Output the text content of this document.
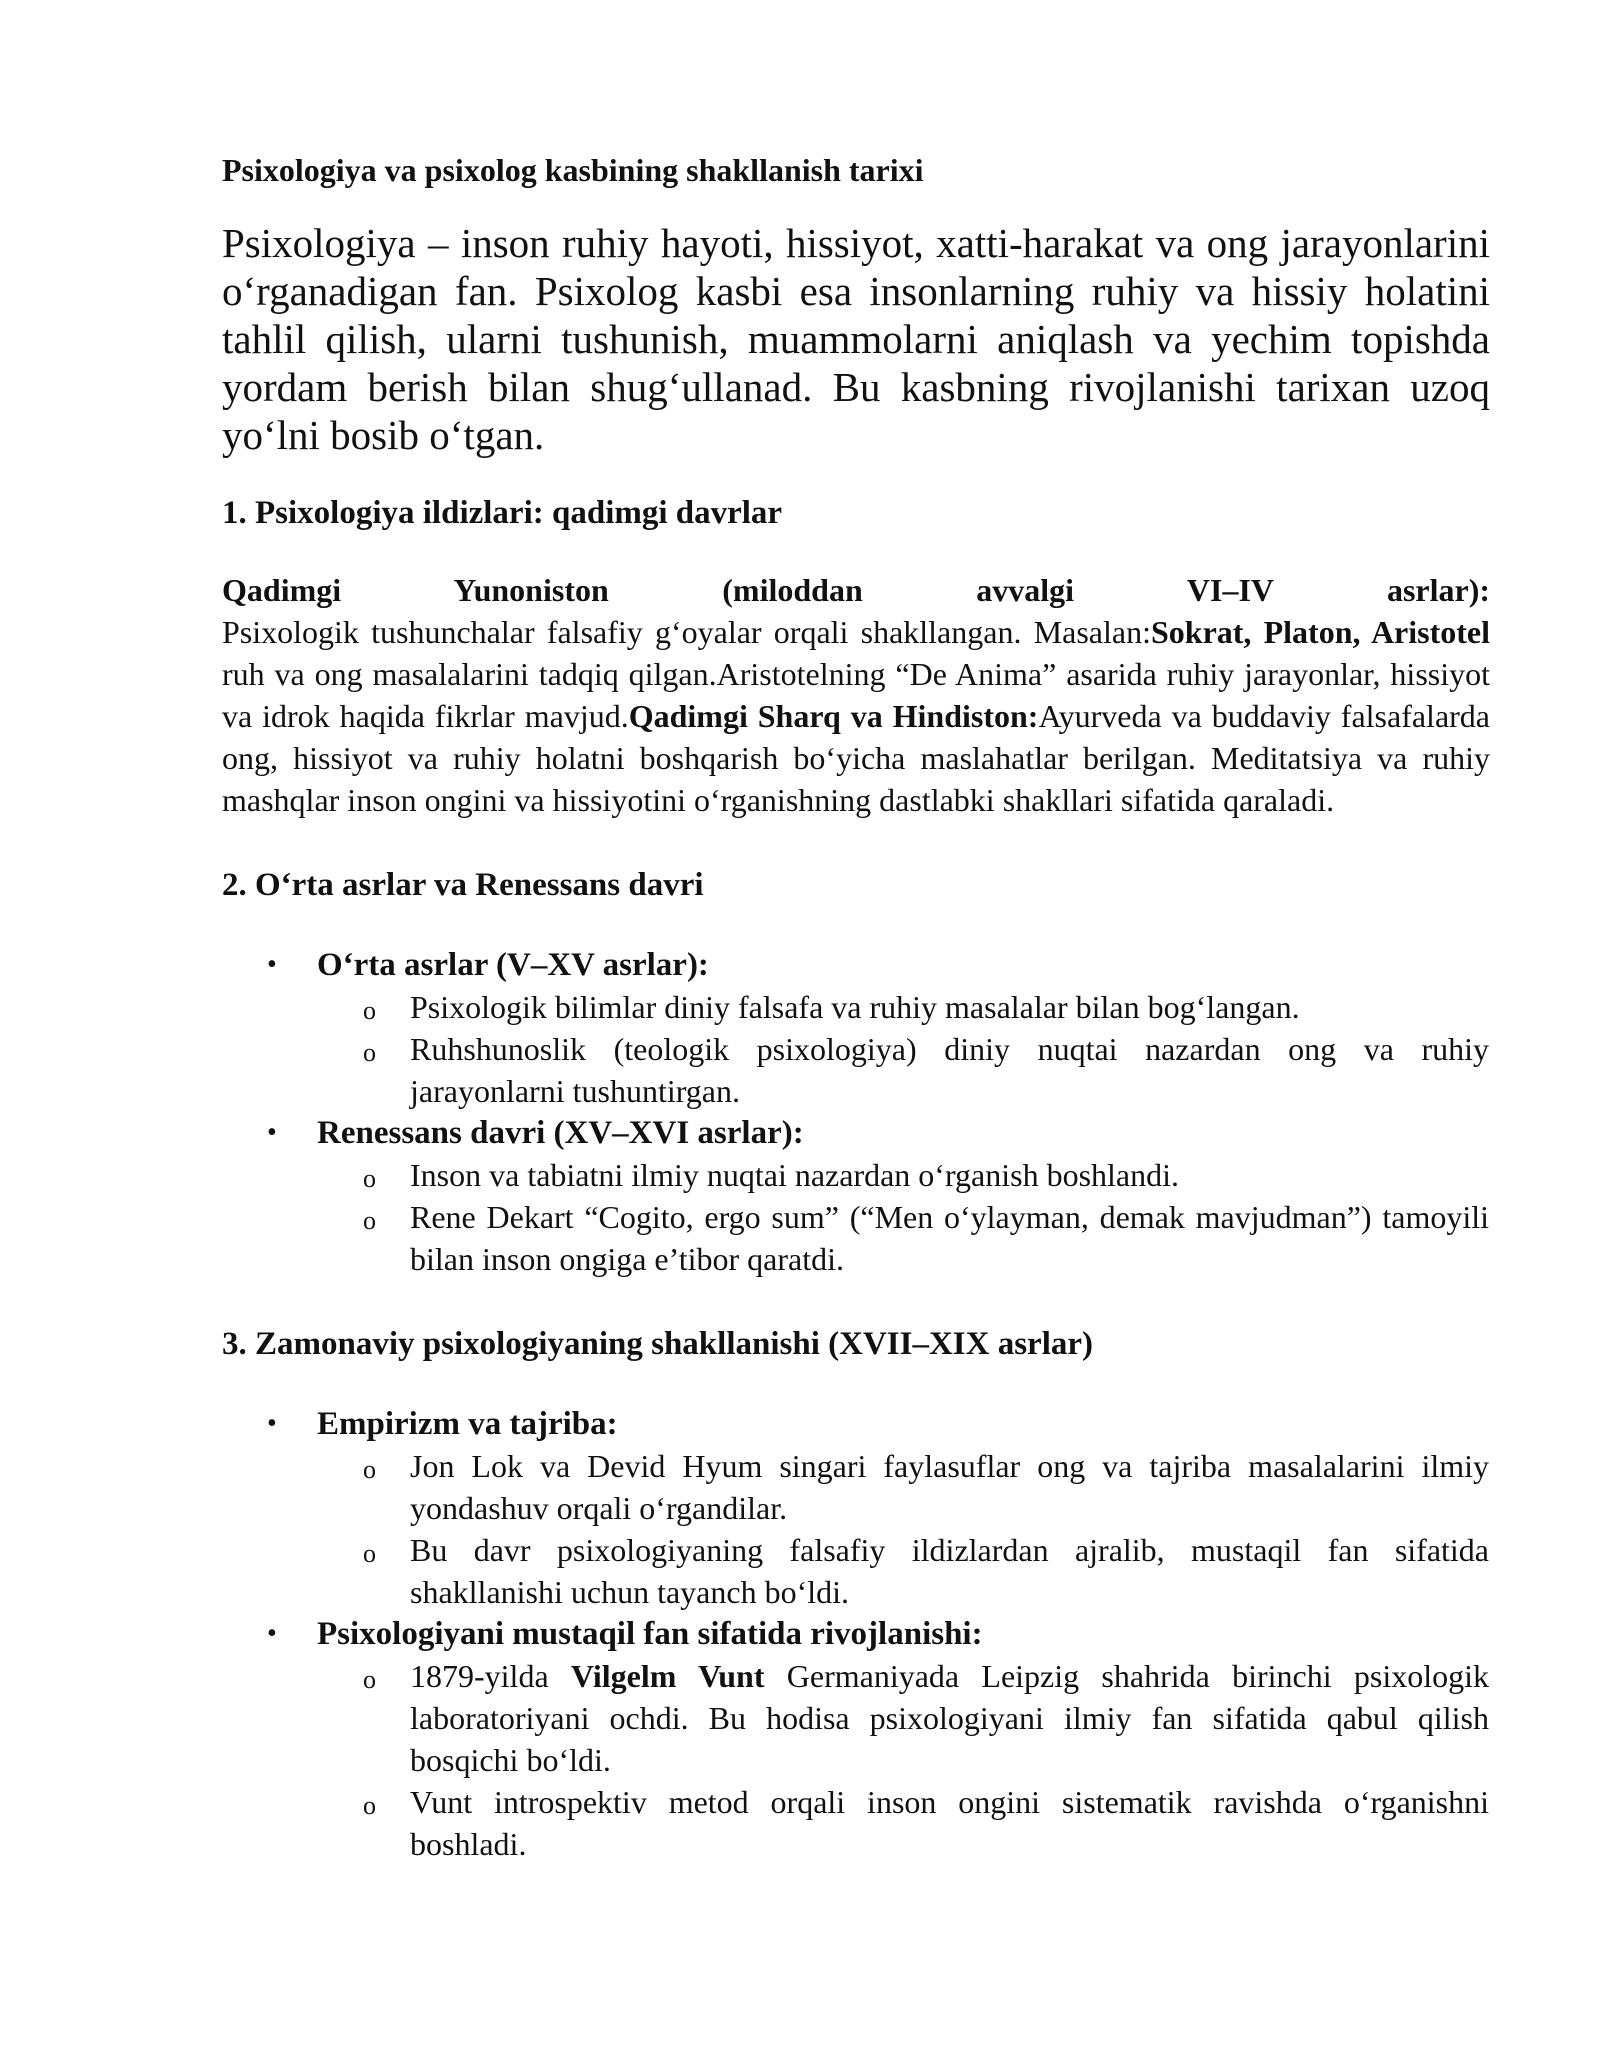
Psixologiya va psixolog kasbining shakllanish tarixi

Psixologiya – inson ruhiy hayoti, hissiyot, xatti-harakat va ong jarayonlarini o‘rganadigan fan. Psixolog kasbi esa insonlarning ruhiy va hissiy holatini tahlil qilish, ularni tushunish, muammolarni aniqlash va yechim topishda yordam berish bilan shug‘ullanad. Bu kasbning rivojlanishi tarixan uzoq yo‘lni bosib o‘tgan.

1. Psixologiya ildizlari: qadimgi davrlar

Qadimgi Yunoniston (miloddan avvalgi VI–IV asrlar):
Psixologik tushunchalar falsafiy g‘oyalar orqali shakllangan. Masalan:Sokrat, Platon, Aristotel ruh va ong masalalarini tadqiq qilgan.Aristotelning “De Anima” asarida ruhiy jarayonlar, hissiyot va idrok haqida fikrlar mavjud.Qadimgi Sharq va Hindiston:Ayurveda va buddaviy falsafalarda ong, hissiyot va ruhiy holatni boshqarish bo‘yicha maslahatlar berilgan. Meditatsiya va ruhiy mashqlar inson ongini va hissiyotini o‘rganishning dastlabki shakllari sifatida qaraladi.

2. O‘rta asrlar va Renessans davri
• O‘rta asrlar (V–XV asrlar):
o Psixologik bilimlar diniy falsafa va ruhiy masalalar bilan bog‘langan.
o Ruhshunoslik (teologik psixologiya) diniy nuqtai nazardan ong va ruhiy jarayonlarni tushuntirgan.
• Renessans davri (XV–XVI asrlar):
o Inson va tabiatni ilmiy nuqtai nazardan o‘rganish boshlandi.
o Rene Dekart “Cogito, ergo sum” (“Men o‘ylayman, demak mavjudman”) tamoyili bilan inson ongiga e’tibor qaratdi.
3. Zamonaviy psixologiyaning shakllanishi (XVII–XIX asrlar)
• Empirizm va tajriba:
o Jon Lok va Devid Hyum singari faylasuflar ong va tajriba masalalarini ilmiy yondashuv orqali o‘rgandilar.
o Bu davr psixologiyaning falsafiy ildizlardan ajralib, mustaqil fan sifatida shakllanishi uchun tayanch bo‘ldi.
• Psixologiyani mustaqil fan sifatida rivojlanishi:
o 1879-yilda Vilgelm Vunt Germaniyada Leipzig shahrida birinchi psixologik laboratoriyani ochdi. Bu hodisa psixologiyani ilmiy fan sifatida qabul qilish bosqichi bo‘ldi.
o Vunt introspektiv metod orqali inson ongini sistematik ravishda o‘rganishni boshladi.
